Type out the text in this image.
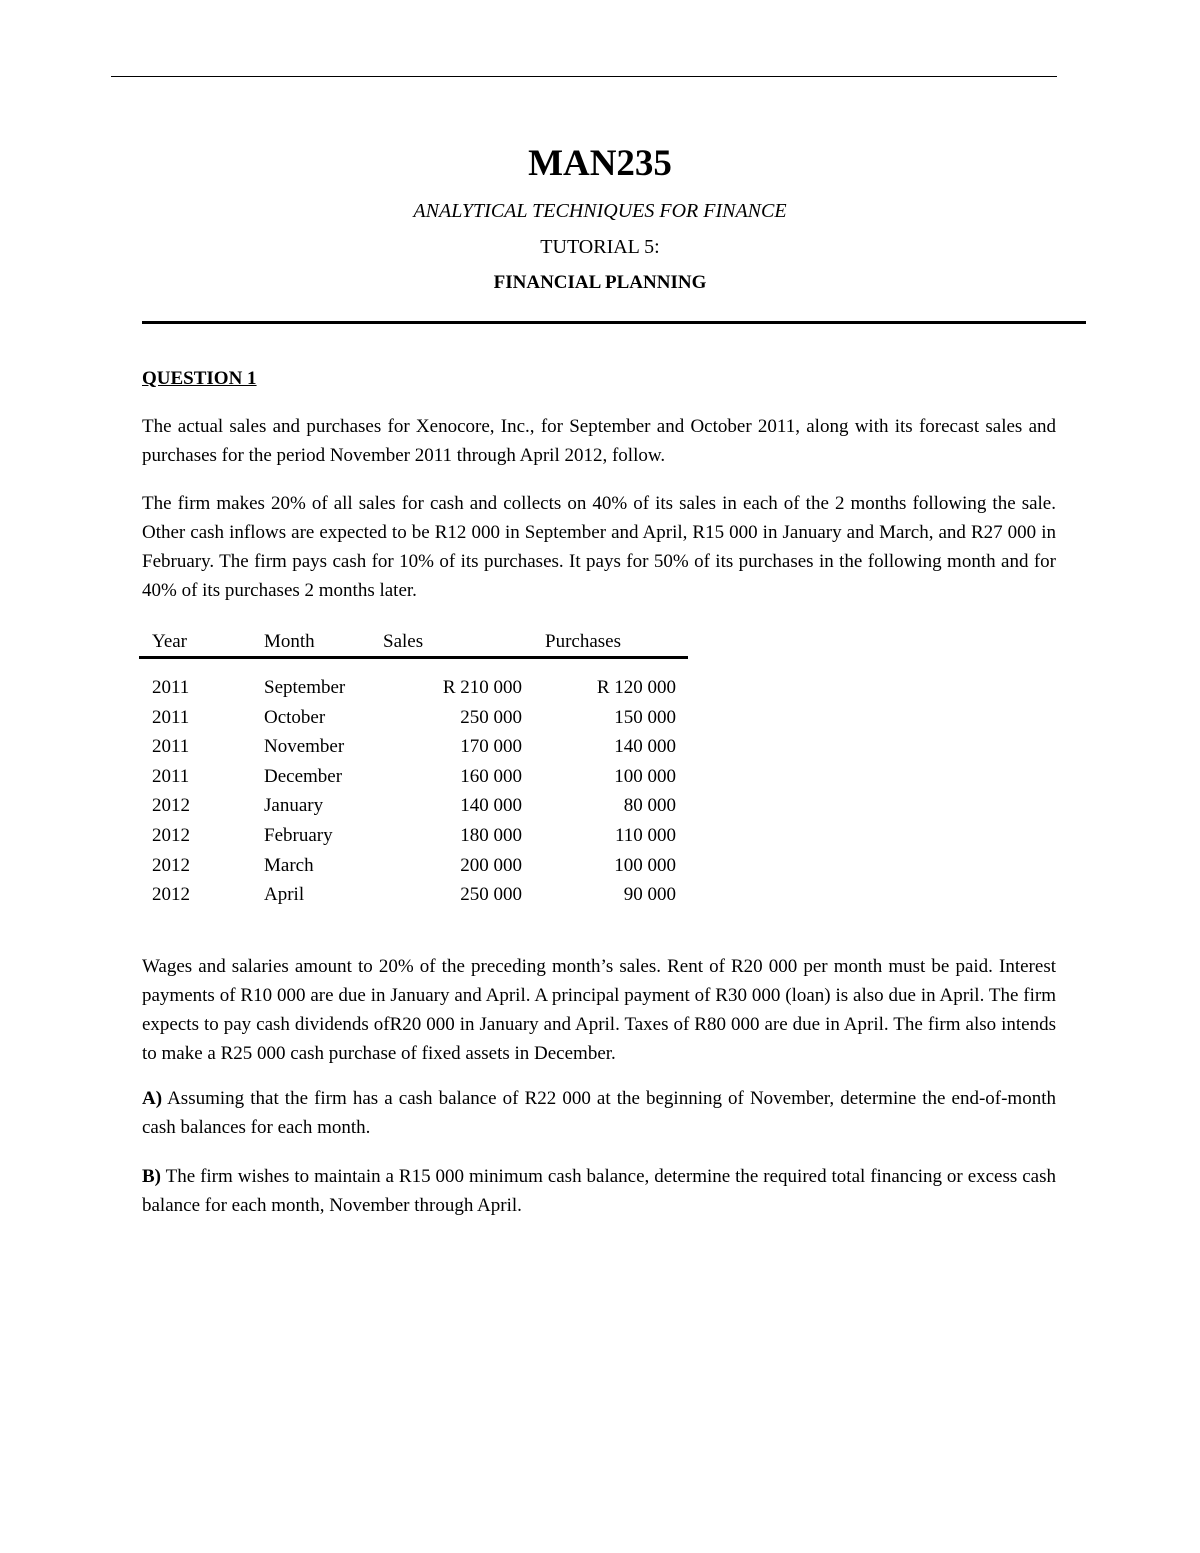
MAN235
ANALYTICAL TECHNIQUES FOR FINANCE
TUTORIAL 5:
FINANCIAL PLANNING
QUESTION 1

The actual sales and purchases for Xenocore, Inc., for September and October 2011, along with its forecast sales and purchases for the period November 2011 through April 2012, follow.

The firm makes 20% of all sales for cash and collects on 40% of its sales in each of the 2 months following the sale. Other cash inflows are expected to be R12 000 in September and April, R15 000 in January and March, and R27 000 in February. The firm pays cash for 10% of its purchases. It pays for 50% of its purchases in the following month and for 40% of its purchases 2 months later.

Year	Month	Sales	Purchases
2011	September	R 210 000	R 120 000
2011	October	250 000	150 000
2011	November	170 000	140 000
2011	December	160 000	100 000
2012	January	140 000	80 000
2012	February	180 000	110 000
2012	March	200 000	100 000
2012	April	250 000	90 000

Wages and salaries amount to 20% of the preceding month’s sales. Rent of R20 000 per month must be paid. Interest payments of R10 000 are due in January and April. A principal payment of R30 000 (loan) is also due in April. The firm expects to pay cash dividends ofR20 000 in January and April. Taxes of R80 000 are due in April. The firm also intends to make a R25 000 cash purchase of fixed assets in December.

A) Assuming that the firm has a cash balance of R22 000 at the beginning of November, determine the end-of-month cash balances for each month.

B) The firm wishes to maintain a R15 000 minimum cash balance, determine the required total financing or excess cash balance for each month, November through April.
